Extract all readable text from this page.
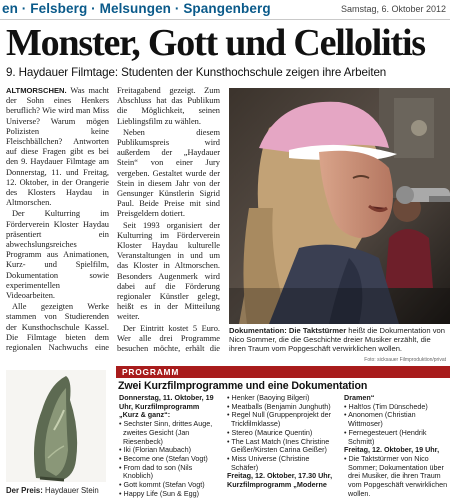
en · Felsberg · Melsungen · Spangenberg	Samstag, 6. Oktober 2012
Monster, Gott und Cellolitis
9. Haydauer Filmtage: Studenten der Kunsthochschule zeigen ihre Arbeiten

ALTMORSCHEN. Was macht der Sohn eines Henkers beruflich? Wie wird man Miss Universe? Warum mögen Polizisten keine Fleischbällchen? Antworten auf diese Fragen gibt es bei den 9. Haydauer Filmtage am Donnerstag, 11. und Freitag, 12. Oktober, in der Orangerie des Klosters Haydau in Altmorschen.

Der Kulturring im Förderverein Kloster Haydau präsentiert ein abwechslungsreiches Programm aus Animationen, Kurz- und Spielfilm, Dokumentation sowie experimentellen Videoarbeiten.

Alle gezeigten Werke stammen von Studierenden der Kunsthochschule Kassel. Die Filmtage bieten dem regionalen Nachwuchs eine

Freitagabend gezeigt. Zum Abschluss hat das Publikum die Möglichkeit, seinen Lieblingsfilm zu wählen.

Neben diesem Publikumspreis wird außerdem der „Haydauer Stein“ von einer Jury vergeben. Gestaltet wurde der Stein in diesem Jahr von der Gensunger Künstlerin Sigrid Paul. Beide Preise mit sind Preisgeldern dotiert.

Seit 1993 organisiert der Kulturring im Förderverein Kloster Haydau kulturelle Veranstaltungen in und um das Kloster in Altmorschen. Besonders Augenmerk wird dabei auf die Förderung regionaler Künstler gelegt, heißt es in der Mitteilung weiter.

Der Eintritt kostet 5 Euro. Wer alle drei Programme besuchen möchte, erhält die

Dokumentation: Die Taktstürmer heißt die Dokumentation von Nico Sommer, die die Geschichte dreier Musiker erzählt, die ihren Traum vom Popgeschäft verwirklichen wollen.
Foto: sicksauer Filmproduktion/privat
Der Preis: Haydauer Stein
PROGRAMM
Zwei Kurzfilmprogramme und eine Dokumentation
Donnerstag, 11. Oktober, 19 Uhr, Kurzfilmprogramm „Kurz & ganz“:
• Sechster Sinn, drittes Auge, zweites Gesicht (Jan Riesenbeck)
• Iki (Florian Maubach)
• Become one (Stefan Vogt)
• From dad to son (Nils Knoblich)
• Gott kommt (Stefan Vogt)
• Happy Life (Sun & Egg)
• Henker (Baoying Bilgeri)
• Meatballs (Benjamin Junghuth)
• Regel Null (Gruppenprojekt der Trickfilmklasse)
• Stereo (Maurice Quentin)
• The Last Match (Ines Christine Geißer/Kirsten Carina Geißer)
• Miss Universe (Christine Schäfer)
Freitag, 12. Oktober, 17.30 Uhr, Kurzfilmprogramm „Moderne
Dramen“
• Halt!os (Tim Dünschede)
• Anonomen (Christian Wittmoser)
• Fernegesteuert (Hendrik Schmitt)
Freitag, 12. Oktober, 19 Uhr,
• Die Taktstürmer von Nico Sommer; Dokumentation über drei Musiker, die ihren Traum vom Popgeschäft verwirklichen wollen.
